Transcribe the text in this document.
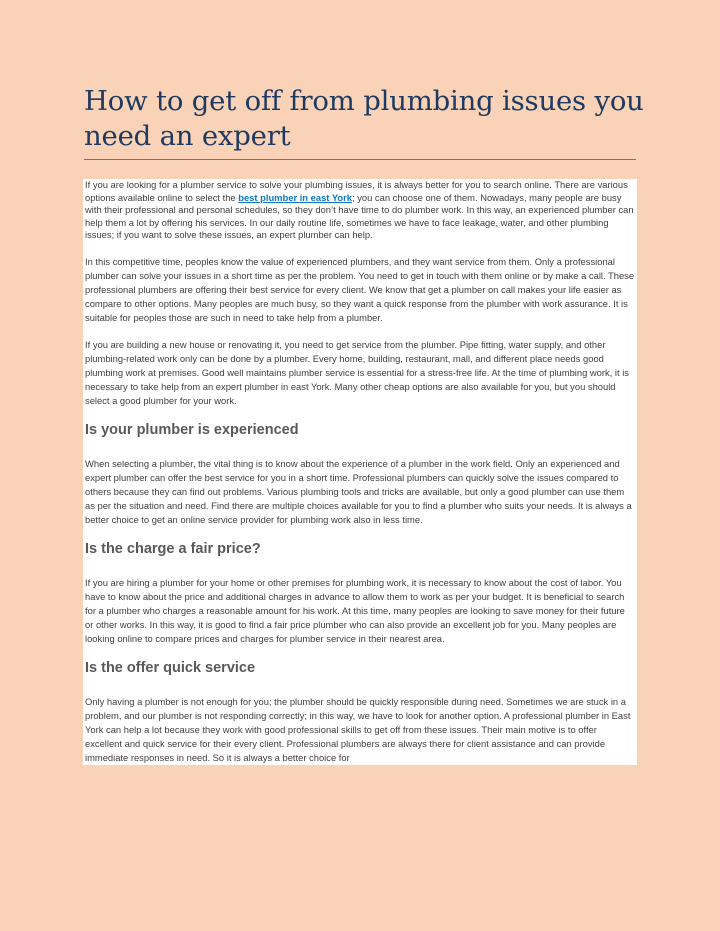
How to get off from plumbing issues you need an expert

If you are looking for a plumber service to solve your plumbing issues, it is always better for you to search online. There are various options available online to select the best plumber in east York; you can choose one of them. Nowadays, many people are busy with their professional and personal schedules, so they don’t have time to do plumber work. In this way, an experienced plumber can help them a lot by offering his services. In our daily routine life, sometimes we have to face leakage, water, and other plumbing issues; if you want to solve these issues, an expert plumber can help.

In this competitive time, peoples know the value of experienced plumbers, and they want service from them. Only a professional plumber can solve your issues in a short time as per the problem. You need to get in touch with them online or by make a call. These professional plumbers are offering their best service for every client. We know that get a plumber on call makes your life easier as compare to other options. Many peoples are much busy, so they want a quick response from the plumber with work assurance. It is suitable for peoples those are such in need to take help from a plumber.

If you are building a new house or renovating it, you need to get service from the plumber. Pipe fitting, water supply, and other plumbing-related work only can be done by a plumber. Every home, building, restaurant, mall, and different place needs good plumbing work at premises. Good well maintains plumber service is essential for a stress-free life. At the time of plumbing work, it is necessary to take help from an expert plumber in east York. Many other cheap options are also available for you, but you should select a good plumber for your work.

Is your plumber is experienced

When selecting a plumber, the vital thing is to know about the experience of a plumber in the work field. Only an experienced and expert plumber can offer the best service for you in a short time. Professional plumbers can quickly solve the issues compared to others because they can find out problems. Various plumbing tools and tricks are available, but only a good plumber can use them as per the situation and need. Find there are multiple choices available for you to find a plumber who suits your needs. It is always a better choice to get an online service provider for plumbing work also in less time.

Is the charge a fair price?

If you are hiring a plumber for your home or other premises for plumbing work, it is necessary to know about the cost of labor. You have to know about the price and additional charges in advance to allow them to work as per your budget. It is beneficial to search for a plumber who charges a reasonable amount for his work. At this time, many peoples are looking to save money for their future or other works. In this way, it is good to find a fair price plumber who can also provide an excellent job for you. Many peoples are looking online to compare prices and charges for plumber service in their nearest area.

Is the offer quick service

Only having a plumber is not enough for you; the plumber should be quickly responsible during need. Sometimes we are stuck in a problem, and our plumber is not responding correctly; in this way, we have to look for another option. A professional plumber in East York can help a lot because they work with good professional skills to get off from these issues. Their main motive is to offer excellent and quick service for their every client. Professional plumbers are always there for client assistance and can provide immediate responses in need. So it is always a better choice for
